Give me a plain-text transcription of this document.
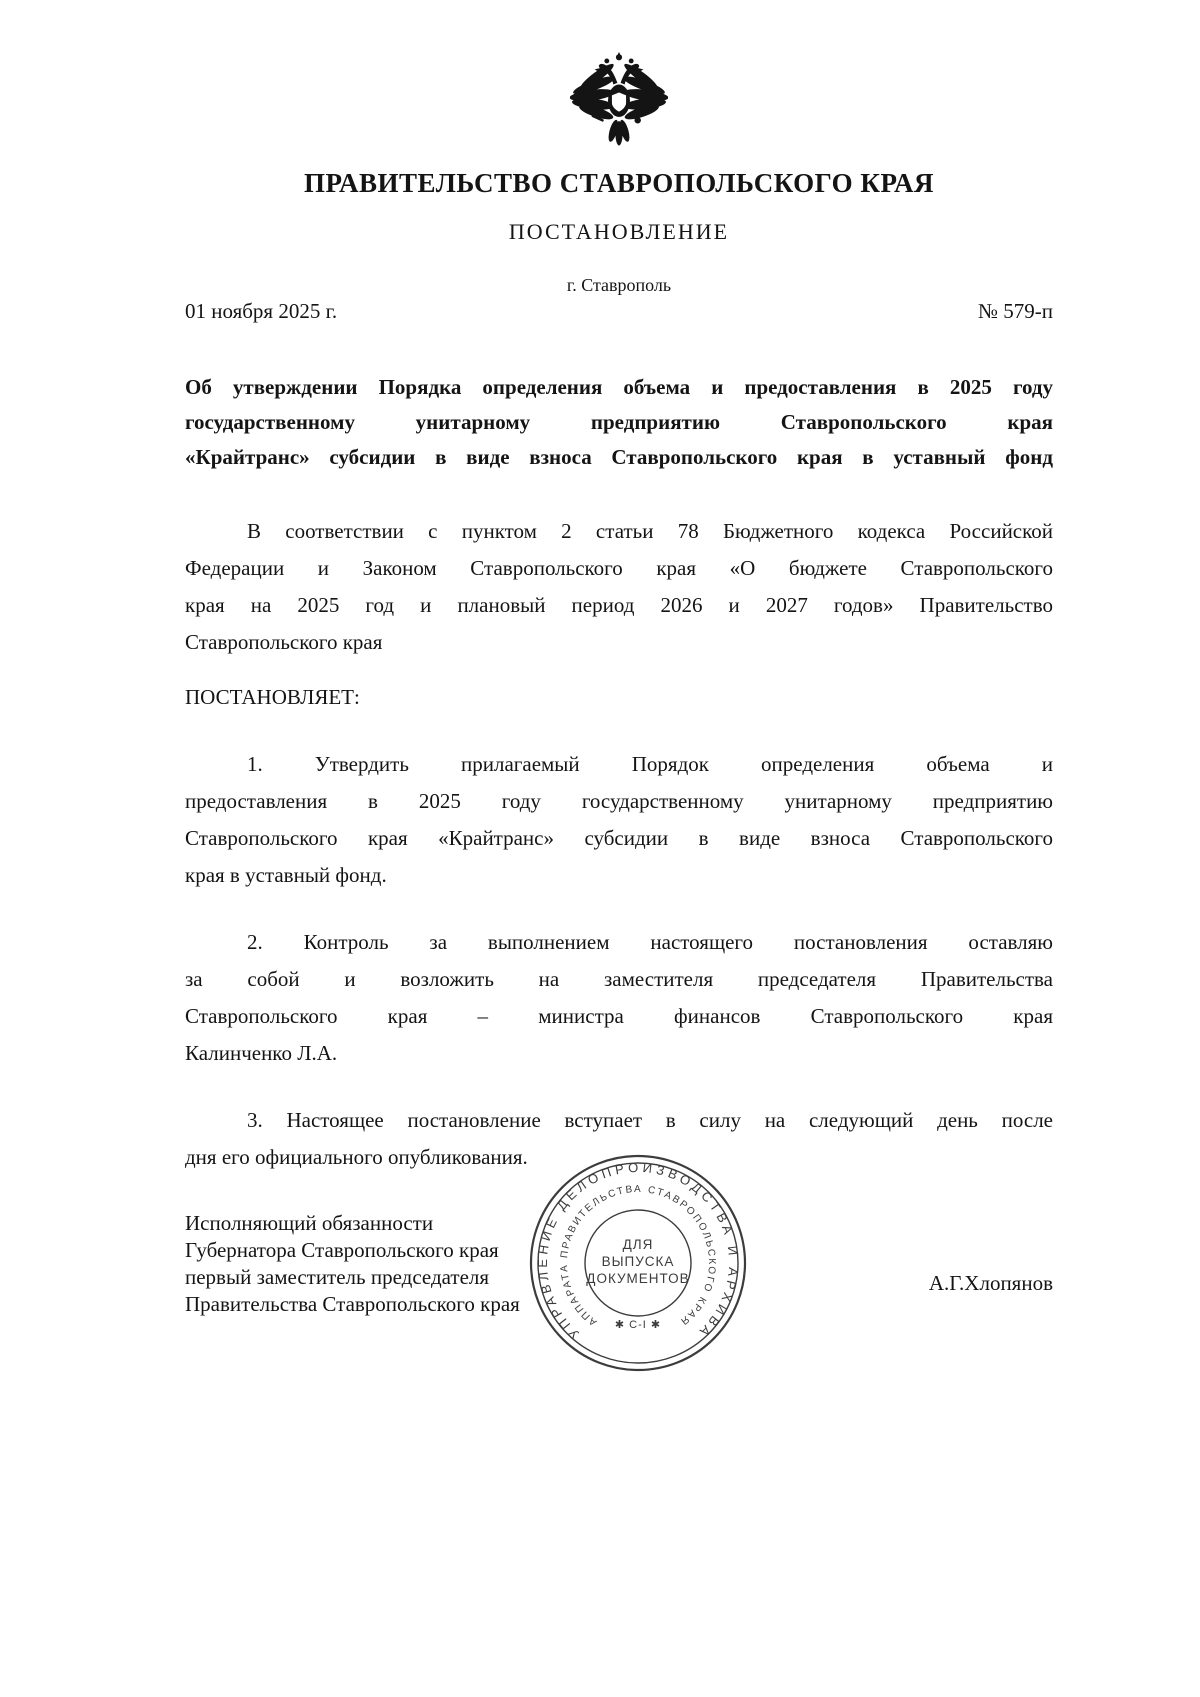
ПРАВИТЕЛЬСТВО СТАВРОПОЛЬСКОГО КРАЯ
ПОСТАНОВЛЕНИЕ
г. Ставрополь
01 ноября 2025 г.	№ 579-п
Об утверждении Порядка определения объема и предоставления в 2025 году
государственному унитарному предприятию Ставропольского края
«Крайтранс» субсидии в виде взноса Ставропольского края в уставный фонд
В соответствии с пунктом 2 статьи 78 Бюджетного кодекса Российской
Федерации и Законом Ставропольского края «О бюджете Ставропольского
края на 2025 год и плановый период 2026 и 2027 годов» Правительство
Ставропольского края
ПОСТАНОВЛЯЕТ:
1. Утвердить прилагаемый Порядок определения объема и
предоставления в 2025 году государственному унитарному предприятию
Ставропольского края «Крайтранс» субсидии в виде взноса Ставропольского
края в уставный фонд.
2. Контроль за выполнением настоящего постановления оставляю
за собой и возложить на заместителя председателя Правительства
Ставропольского края – министра финансов Ставропольского края
Калинченко Л.А.
3. Настоящее постановление вступает в силу на следующий день после
дня его официального опубликования.
Исполняющий обязанности
Губернатора Ставропольского края
первый заместитель председателя
Правительства Ставропольского края
А.Г.Хлопянов
УПРАВЛЕНИЕ ДЕЛОПРОИЗВОДСТВА И АРХИВА
АППАРАТА ПРАВИТЕЛЬСТВА СТАВРОПОЛЬСКОГО КРАЯ
ДЛЯ
ВЫПУСКА
ДОКУМЕНТОВ
✱ С-I ✱
